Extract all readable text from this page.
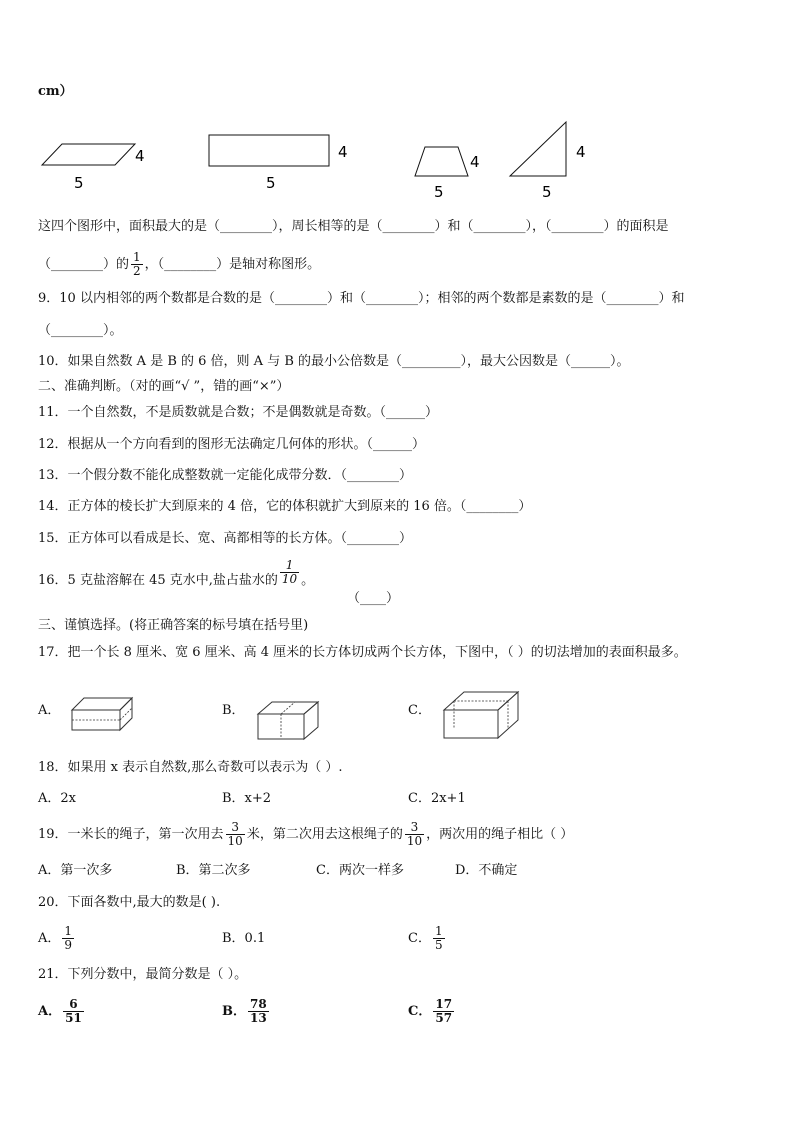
cm）
4
5
4
5
4
5
4
5
这四个图形中，面积最大的是（________），周长相等的是（________）和（________），（________）的面积是
（________）的 $\frac{1}{2}$ ，（________）是轴对称图形。
9．10 以内相邻的两个数都是合数的是（________）和（________）；相邻的两个数都是素数的是（________）和
（________）。
10．如果自然数 A 是 B 的 6 倍，则 A 与 B 的最小公倍数是（_________），最大公因数是（______）。
二、准确判断。（对的画“√ ”，错的画“×”）
11．一个自然数，不是质数就是合数；不是偶数就是奇数。（______）
12．根据从一个方向看到的图形无法确定几何体的形状。（______）
13．一个假分数不能化成整数就一定能化成带分数．（________）
14．正方体的棱长扩大到原来的 4 倍，它的体积就扩大到原来的 16 倍。（________）
15．正方体可以看成是长、宽、高都相等的长方体。（________）
16．5 克盐溶解在 45 克水中,盐占盐水的 $\frac{1}{10}$ 。
（____）
三、谨慎选择。(将正确答案的标号填在括号里)
17．把一个长 8 厘米、宽 6 厘米、高 4 厘米的长方体切成两个长方体，下图中，（ ）的切法增加的表面积最多。
A．	B．	C．
18．如果用 x 表示自然数,那么奇数可以表示为（ ）.
A．2x	B．x+2	C．2x+1
19．一米长的绳子，第一次用去 $\frac{3}{10}$ 米，第二次用去这根绳子的 $\frac{3}{10}$ ，两次用的绳子相比（ ）
A．第一次多	B．第二次多	C．两次一样多	D．不确定
20．下面各数中,最大的数是( ).
A． $\frac{1}{9}$	B．0.1	C． $\frac{1}{5}$
21．下列分数中，最简分数是（ ）。
A． $\frac{6}{51}$	B． $\frac{78}{13}$	C． $\frac{17}{57}$
